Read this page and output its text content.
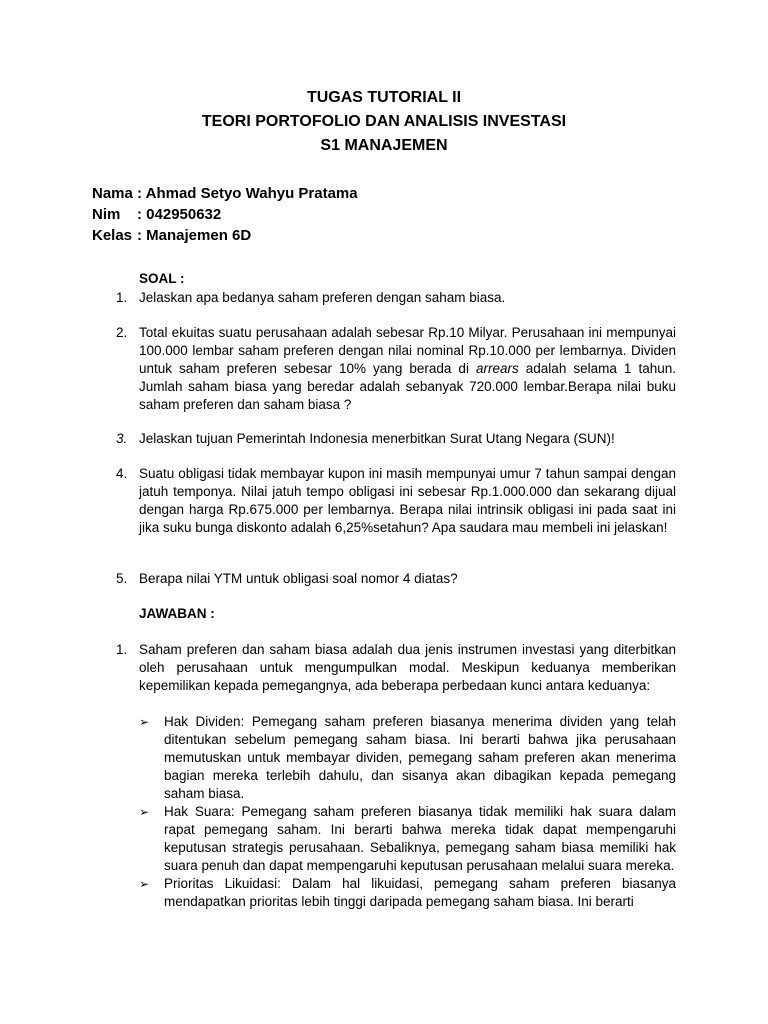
TUGAS TUTORIAL II
TEORI PORTOFOLIO DAN ANALISIS INVESTASI
S1 MANAJEMEN
Nama : Ahmad Setyo Wahyu Pratama
Nim	: 042950632
Kelas : Manajemen 6D
SOAL :
1. Jelaskan apa bedanya saham preferen dengan saham biasa.
2. Total ekuitas suatu perusahaan adalah sebesar Rp.10 Milyar. Perusahaan ini mempunyai 100.000 lembar saham preferen dengan nilai nominal Rp.10.000 per lembarnya. Dividen untuk saham preferen sebesar 10% yang berada di arrears adalah selama 1 tahun. Jumlah saham biasa yang beredar adalah sebanyak 720.000 lembar.Berapa nilai buku saham preferen dan saham biasa ?
3. Jelaskan tujuan Pemerintah Indonesia menerbitkan Surat Utang Negara (SUN)!
4. Suatu obligasi tidak membayar kupon ini masih mempunyai umur 7 tahun sampai dengan jatuh temponya. Nilai jatuh tempo obligasi ini sebesar Rp.1.000.000 dan sekarang dijual dengan harga Rp.675.000 per lembarnya. Berapa nilai intrinsik obligasi ini pada saat ini jika suku bunga diskonto adalah 6,25%setahun? Apa saudara mau membeli ini jelaskan!
5. Berapa nilai YTM untuk obligasi soal nomor 4 diatas?
JAWABAN :
1. Saham preferen dan saham biasa adalah dua jenis instrumen investasi yang diterbitkan oleh perusahaan untuk mengumpulkan modal. Meskipun keduanya memberikan kepemilikan kepada pemegangnya, ada beberapa perbedaan kunci antara keduanya:
➢	Hak Dividen: Pemegang saham preferen biasanya menerima dividen yang telah ditentukan sebelum pemegang saham biasa. Ini berarti bahwa jika perusahaan memutuskan untuk membayar dividen, pemegang saham preferen akan menerima bagian mereka terlebih dahulu, dan sisanya akan dibagikan kepada pemegang saham biasa.
➢	Hak Suara: Pemegang saham preferen biasanya tidak memiliki hak suara dalam rapat pemegang saham. Ini berarti bahwa mereka tidak dapat mempengaruhi keputusan strategis perusahaan. Sebaliknya, pemegang saham biasa memiliki hak suara penuh dan dapat mempengaruhi keputusan perusahaan melalui suara mereka.
➢	Prioritas Likuidasi: Dalam hal likuidasi, pemegang saham preferen biasanya mendapatkan prioritas lebih tinggi daripada pemegang saham biasa. Ini berarti
